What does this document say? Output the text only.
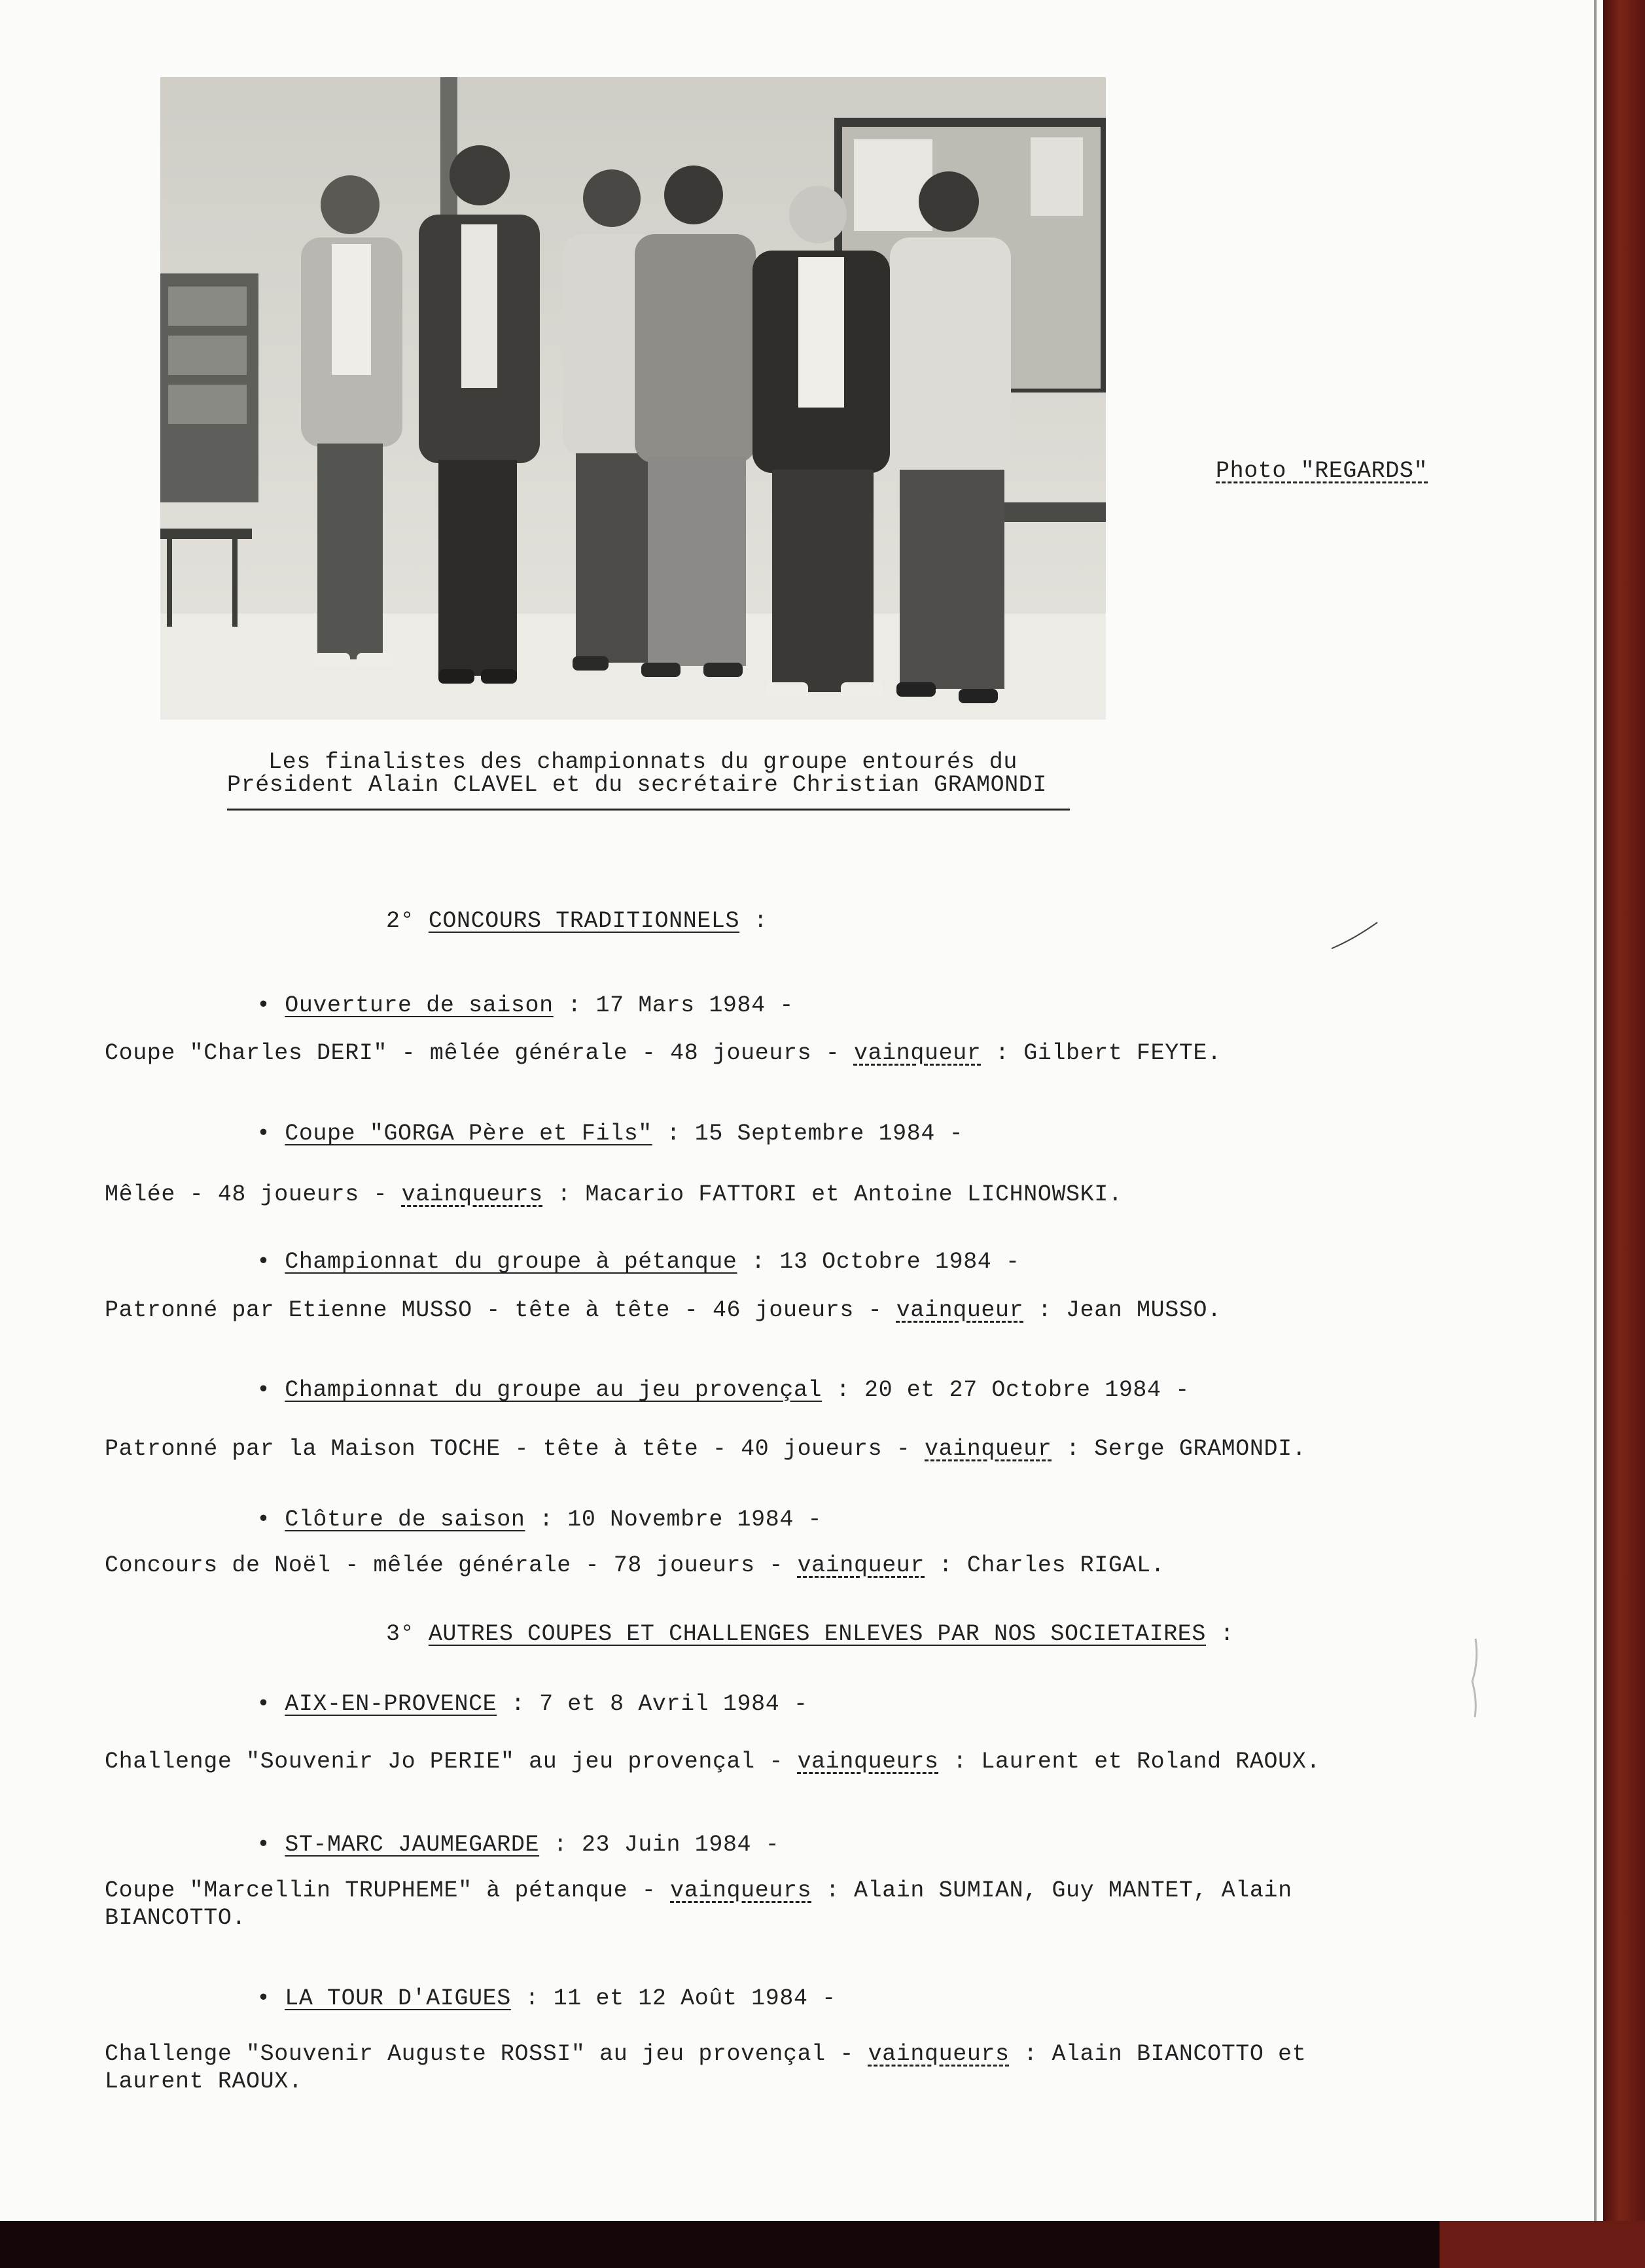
Photo "REGARDS"
Les finalistes des championnats du groupe entourés du
Président Alain CLAVEL et du secrétaire Christian GRAMONDI
2° CONCOURS TRADITIONNELS :
• Ouverture de saison : 17 Mars 1984 -
Coupe "Charles DERI" - mêlée générale - 48 joueurs - vainqueur : Gilbert FEYTE.
• Coupe "GORGA Père et Fils" : 15 Septembre 1984 -
Mêlée - 48 joueurs - vainqueurs : Macario FATTORI et Antoine LICHNOWSKI.
• Championnat du groupe à pétanque : 13 Octobre 1984 -
Patronné par Etienne MUSSO - tête à tête - 46 joueurs - vainqueur : Jean MUSSO.
• Championnat du groupe au jeu provençal : 20 et 27 Octobre 1984 -
Patronné par la Maison TOCHE - tête à tête - 40 joueurs - vainqueur : Serge GRAMONDI.
• Clôture de saison : 10 Novembre 1984 -
Concours de Noël - mêlée générale - 78 joueurs - vainqueur : Charles RIGAL.
3° AUTRES COUPES ET CHALLENGES ENLEVES PAR NOS SOCIETAIRES :
• AIX-EN-PROVENCE : 7 et 8 Avril 1984 -
Challenge "Souvenir Jo PERIE" au jeu provençal - vainqueurs : Laurent et Roland RAOUX.
• ST-MARC JAUMEGARDE : 23 Juin 1984 -
Coupe "Marcellin TRUPHEME" à pétanque - vainqueurs : Alain SUMIAN, Guy MANTET, Alain
BIANCOTTO.
• LA TOUR D'AIGUES : 11 et 12 Août 1984 -
Challenge "Souvenir Auguste ROSSI" au jeu provençal - vainqueurs : Alain BIANCOTTO et
Laurent RAOUX.
